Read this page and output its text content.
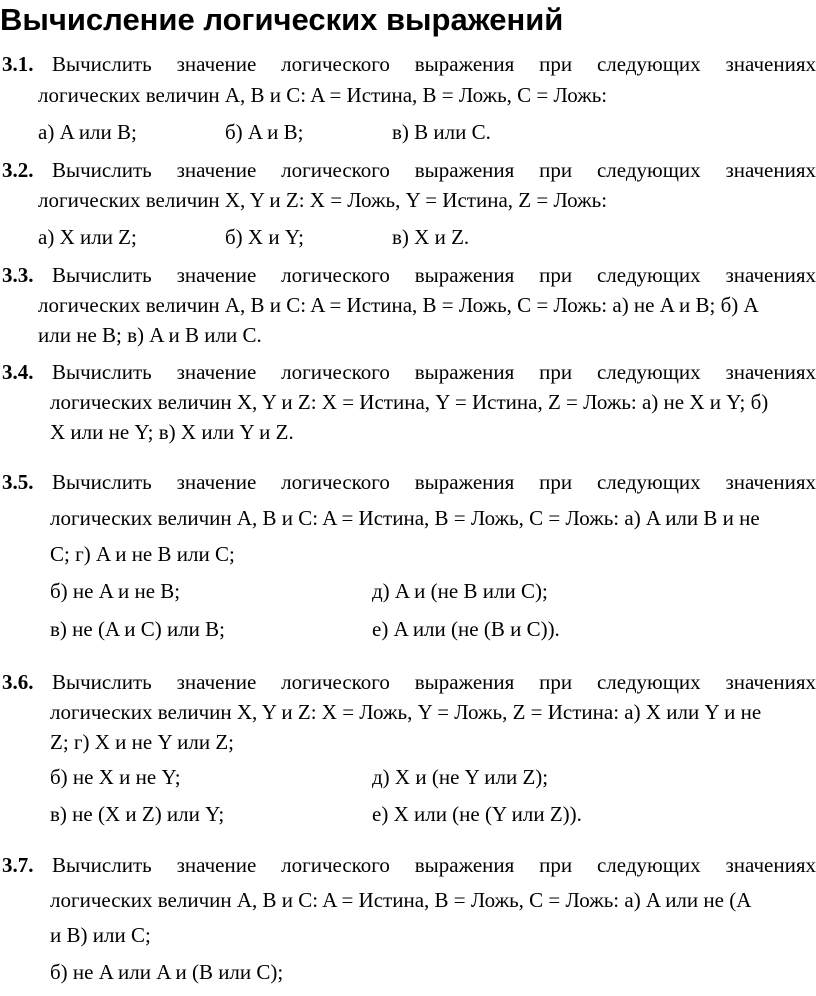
Вычисление логических выражений
3.1. Вычислить значение логического выражения при следующих значениях
логических величин A, B и C: A = Истина, B = Ложь, C = Ложь:
а) A или B;	б) A и B;	в) B или C.
3.2. Вычислить значение логического выражения при следующих значениях
логических величин X, Y и Z: X = Ложь, Y = Истина, Z = Ложь:
а) X или Z;	б) X и Y;	в) X и Z.
3.3. Вычислить значение логического выражения при следующих значениях
логических величин A, B и C: A = Истина, B = Ложь, C = Ложь: а) не A и B; б) A
или не B; в) A и B или C.
3.4. Вычислить значение логического выражения при следующих значениях
логических величин X, Y и Z: X = Истина, Y = Истина, Z = Ложь: а) не X и Y; б)
X или не Y; в) X или Y и Z.
3.5. Вычислить значение логического выражения при следующих значениях
логических величин A, B и C: A = Истина, B = Ложь, C = Ложь: а) A или B и не
C; г) A и не B или C;
б) не A и не B;	д) A и (не B или C);
в) не (A и C) или B;	е) A или (не (B и C)).
3.6. Вычислить значение логического выражения при следующих значениях
логических величин X, Y и Z: X = Ложь, Y = Ложь, Z = Истина: а) X или Y и не
Z; г) X и не Y или Z;
б) не X и не Y;	д) X и (не Y или Z);
в) не (X и Z) или Y;	е) X или (не (Y или Z)).
3.7. Вычислить значение логического выражения при следующих значениях
логических величин A, B и C: A = Истина, B = Ложь, C = Ложь: а) A или не (A
и B) или C;
б) не A или A и (B или C);
